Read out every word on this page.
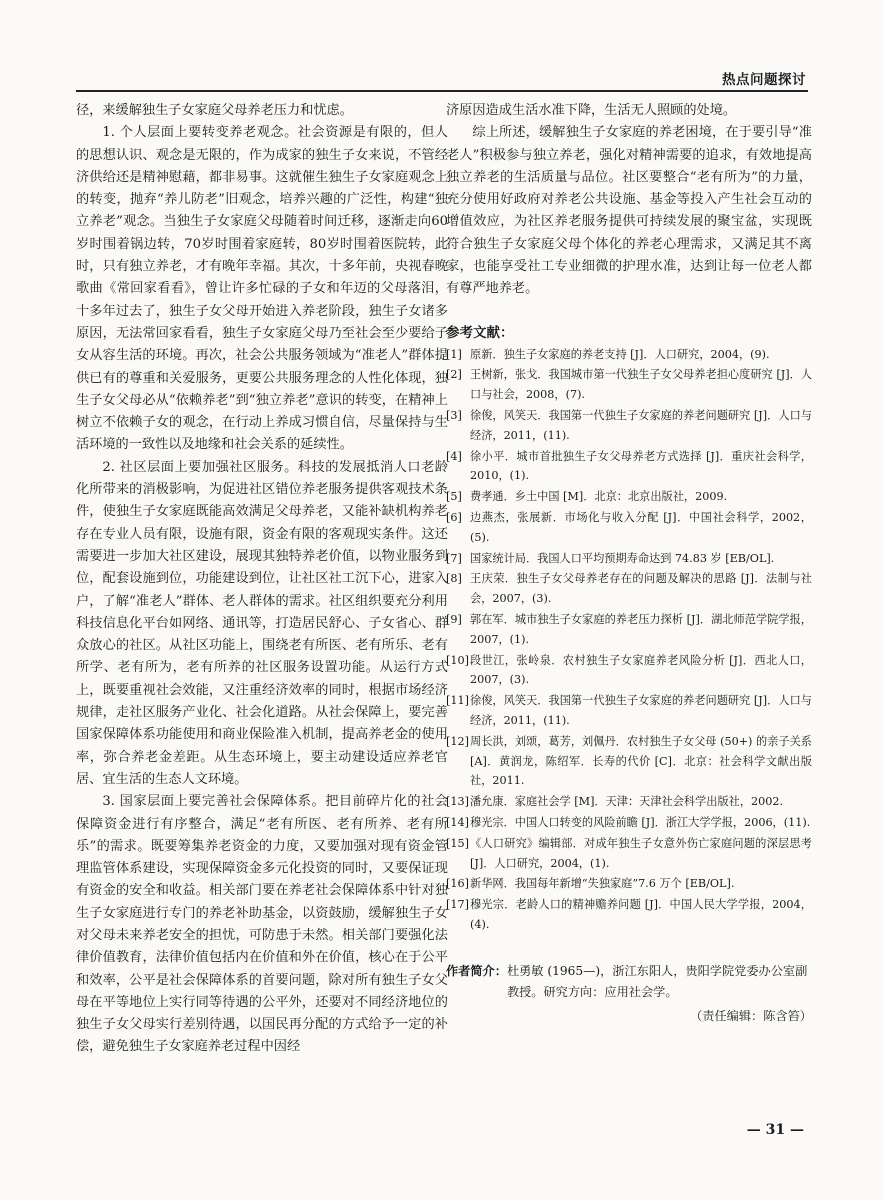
热点问题探讨

径，来缓解独生子女家庭父母养老压力和忧虑。

1. 个人层面上要转变养老观念。社会资源是有限的，但人的思想认识、观念是无限的，作为成家的独生子女来说，不管经济供给还是精神慰藉，都非易事。这就催生独生子女家庭观念上的转变，抛弃“养儿防老”旧观念，培养兴趣的广泛性，构建“独立养老”观念。当独生子女家庭父母随着时间迁移，逐渐走向60岁时围着锅边转，70岁时围着家庭转，80岁时围着医院转，此时，只有独立养老，才有晚年幸福。其次，十多年前，央视春晚歌曲《常回家看看》，曾让许多忙碌的子女和年迈的父母落泪，十多年过去了，独生子女父母开始进入养老阶段，独生子女诸多原因，无法常回家看看，独生子女家庭父母乃至社会至少要给子女从容生活的环境。再次，社会公共服务领域为“准老人”群体提供已有的尊重和关爱服务，更要公共服务理念的人性化体现，独生子女父母必从“依赖养老”到“独立养老”意识的转变，在精神上树立不依赖子女的观念，在行动上养成习惯自信，尽量保持与生活环境的一致性以及地缘和社会关系的延续性。

2. 社区层面上要加强社区服务。科技的发展抵消人口老龄化所带来的消极影响，为促进社区错位养老服务提供客观技术条件，使独生子女家庭既能高效满足父母养老，又能补缺机构养老存在专业人员有限，设施有限，资金有限的客观现实条件。这还需要进一步加大社区建设，展现其独特养老价值，以物业服务到位，配套设施到位，功能建设到位，让社区社工沉下心，进家入户，了解“准老人”群体、老人群体的需求。社区组织要充分利用科技信息化平台如网络、通讯等，打造居民舒心、子女省心、群众放心的社区。从社区功能上，围绕老有所医、老有所乐、老有所学、老有所为，老有所养的社区服务设置功能。从运行方式上，既要重视社会效能，又注重经济效率的同时，根据市场经济规律，走社区服务产业化、社会化道路。从社会保障上，要完善国家保障体系功能使用和商业保险准入机制，提高养老金的使用率，弥合养老金差距。从生态环境上，要主动建设适应养老官居、宜生活的生态人文环境。

3. 国家层面上要完善社会保障体系。把目前碎片化的社会保障资金进行有序整合，满足“老有所医、老有所养、老有所乐”的需求。既要筹集养老资金的力度，又要加强对现有资金管理监管体系建设，实现保障资金多元化投资的同时，又要保证现有资金的安全和收益。相关部门要在养老社会保障体系中针对独生子女家庭进行专门的养老补助基金，以资鼓励，缓解独生子女对父母未来养老安全的担忧，可防患于未然。相关部门要强化法律价值教育，法律价值包括内在价值和外在价值，核心在于公平和效率，公平是社会保障体系的首要问题，除对所有独生子女父母在平等地位上实行同等待遇的公平外，还要对不同经济地位的独生子女父母实行差别待遇，以国民再分配的方式给予一定的补偿，避免独生子女家庭养老过程中因经

济原因造成生活水准下降，生活无人照顾的处境。

综上所述，缓解独生子女家庭的养老困境，在于要引导“准老人”积极参与独立养老，强化对精神需要的追求，有效地提高独立养老的生活质量与品位。社区要整合“老有所为”的力量，充分使用好政府对养老公共设施、基金等投入产生社会互动的增值效应，为社区养老服务提供可持续发展的聚宝盆，实现既符合独生子女家庭父母个体化的养老心理需求，又满足其不离家，也能享受社工专业细微的护理水准，达到让每一位老人都有尊严地养老。

参考文献：
[1] 原新．独生子女家庭的养老支持 [J]．人口研究，2004，(9).
[2] 王树新，张戈．我国城市第一代独生子女父母养老担心度研究 [J]．人口与社会，2008，(7).
[3] 徐俊，风笑天．我国第一代独生子女家庭的养老问题研究 [J]．人口与经济，2011，(11).
[4] 徐小平．城市首批独生子女父母养老方式选择 [J]．重庆社会科学，2010，(1).
[5] 费孝通．乡土中国 [M]．北京：北京出版社，2009.
[6] 边燕杰，张展新．市场化与收入分配 [J]．中国社会科学，2002，(5).
[7] 国家统计局．我国人口平均预期寿命达到 74.83 岁 [EB/OL].
[8] 王庆荣．独生子女父母养老存在的问题及解决的思路 [J]．法制与社会，2007，(3).
[9] 郭在军．城市独生子女家庭的养老压力探析 [J]．湖北师范学院学报，2007，(1).
[10] 段世江，张岭泉．农村独生子女家庭养老风险分析 [J]．西北人口，2007，(3).
[11] 徐俊，风笑天．我国第一代独生子女家庭的养老问题研究 [J]．人口与经济，2011，(11).
[12] 周长洪，刘颂，葛芳，刘佩丹．农村独生子女父母 (50+) 的亲子关系 [A]．黄润龙，陈绍军．长寿的代价 [C]．北京：社会科学文献出版社，2011.
[13] 潘允康．家庭社会学 [M]．天津：天津社会科学出版社，2002.
[14] 穆光宗．中国人口转变的风险前瞻 [J]．浙江大学学报，2006，(11).
[15] 《人口研究》编辑部．对成年独生子女意外伤亡家庭问题的深层思考 [J]．人口研究，2004，(1).
[16] 新华网．我国每年新增“失独家庭”7.6 万个 [EB/OL].
[17] 穆光宗．老龄人口的精神赡养问题 [J]．中国人民大学学报，2004，(4).
作者简介： 杜勇敏 (1965—)，浙江东阳人，贵阳学院党委办公室副教授。研究方向：应用社会学。
（责任编辑：陈含笞）
— 31 —
